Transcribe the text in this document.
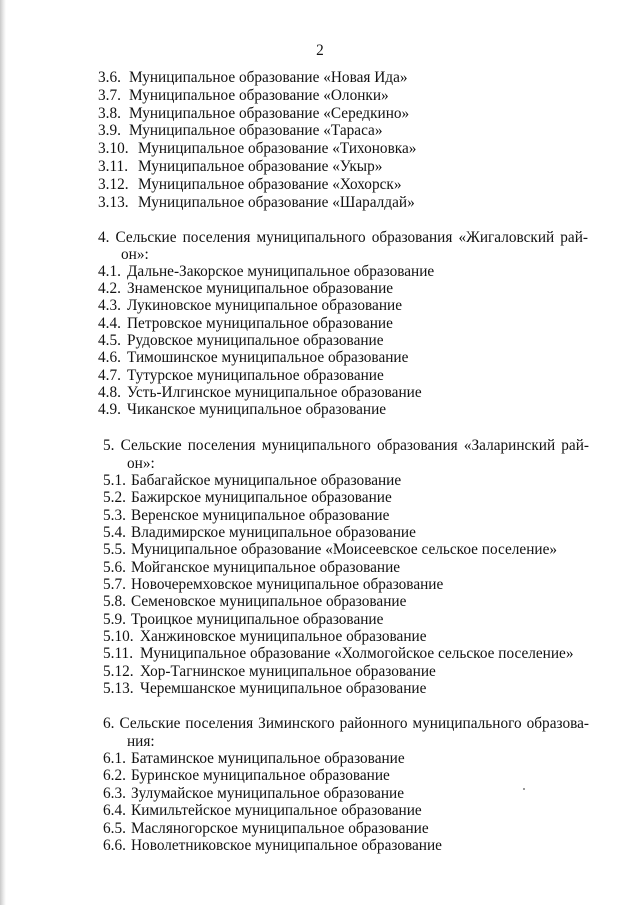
2
3.6. Муниципальное образование «Новая Ида»
3.7. Муниципальное образование «Олонки»
3.8. Муниципальное образование «Середкино»
3.9. Муниципальное образование «Тараса»
3.10. Муниципальное образование «Тихоновка»
3.11. Муниципальное образование «Укыр»
3.12. Муниципальное образование «Хохорск»
3.13. Муниципальное образование «Шаралдай»
4. Сельские поселения муниципального образования «Жигаловский рай-
он»:
4.1. Дальне-Закорское муниципальное образование
4.2. Знаменское муниципальное образование
4.3. Лукиновское муниципальное образование
4.4. Петровское муниципальное образование
4.5. Рудовское муниципальное образование
4.6. Тимошинское муниципальное образование
4.7. Тутурское муниципальное образование
4.8. Усть-Илгинское муниципальное образование
4.9. Чиканское муниципальное образование
5. Сельские поселения муниципального образования «Заларинский рай-
он»:
5.1. Бабагайское муниципальное образование
5.2. Бажирское муниципальное образование
5.3. Веренское муниципальное образование
5.4. Владимирское муниципальное образование
5.5. Муниципальное образование «Моисеевское сельское поселение»
5.6. Мойганское муниципальное образование
5.7. Новочеремховское муниципальное образование
5.8. Семеновское муниципальное образование
5.9. Троицкое муниципальное образование
5.10. Ханжиновское муниципальное образование
5.11. Муниципальное образование «Холмогойское сельское поселение»
5.12. Хор-Тагнинское муниципальное образование
5.13. Черемшанское муниципальное образование
6. Сельские поселения Зиминского районного муниципального образова-
ния:
6.1. Батаминское муниципальное образование
6.2. Буринское муниципальное образование
6.3. Зулумайское муниципальное образование
6.4. Кимильтейское муниципальное образование
6.5. Масляногорское муниципальное образование
6.6. Новолетниковское муниципальное образование
